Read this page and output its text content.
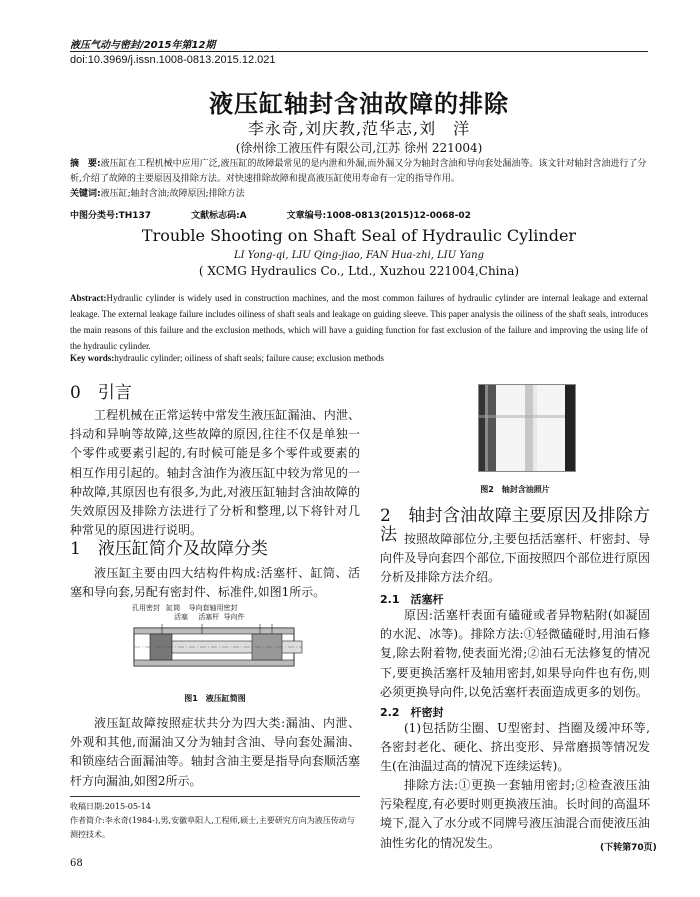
液压气动与密封/2015年第12期
doi:10.3969/j.issn.1008-0813.2015.12.021
液压缸轴封含油故障的排除
李永奇,刘庆教,范华志,刘　洋
(徐州徐工液压件有限公司,江苏 徐州 221004)
摘　要:液压缸在工程机械中应用广泛,液压缸的故障最常见的是内泄和外漏,而外漏又分为轴封含油和导向套处漏油等。该文针对轴封含油进行了分析,介绍了故障的主要原因及排除方法。对快速排除故障和提高液压缸使用寿命有一定的指导作用。
关键词:液压缸;轴封含油;故障原因;排除方法
中图分类号:TH137	文献标志码:A	文章编号:1008-0813(2015)12-0068-02
Trouble Shooting on Shaft Seal of Hydraulic Cylinder
LI Yong-qi, LIU Qing-jiao, FAN Hua-zhi, LIU Yang
( XCMG Hydraulics Co., Ltd., Xuzhou 221004,China)
Abstract:Hydraulic cylinder is widely used in construction machines, and the most common failures of hydraulic cylinder are internal leakage and external leakage. The external leakage failure includes oiliness of shaft seals and leakage on guiding sleeve. This paper analysis the oiliness of the shaft seals, introduces the main reasons of this failure and the exclusion methods, which will have a guiding function for fast exclusion of the failure and improving the using life of the hydraulic cylinder.
Key words:hydraulic cylinder; oiliness of shaft seals; failure cause; exclusion methods
0　引言

工程机械在正常运转中常发生液压缸漏油、内泄、抖动和异响等故障,这些故障的原因,往往不仅是单独一个零件或要素引起的,有时候可能是多个零件或要素的相互作用引起的。轴封含油作为液压缸中较为常见的一种故障,其原因也有很多,为此,对液压缸轴封含油故障的失效原因及排除方法进行了分析和整理,以下将针对几种常见的原因进行说明。

1　液压缸简介及故障分类

液压缸主要由四大结构件构成:活塞杆、缸筒、活塞和导向套,另配有密封件、标准件,如图1所示。

孔用密封 缸筒 导向套轴用密封
活塞 活塞杆 导向件
图1　液压缸简图

液压缸故障按照症状共分为四大类:漏油、内泄、外观和其他,而漏油又分为轴封含油、导向套处漏油、和锁座结合面漏油等。轴封含油主要是指导向套顺活塞杆方向漏油,如图2所示。

收稿日期:2015-05-14
作者简介:李永奇(1984-),男,安徽阜阳人,工程师,硕士,主要研究方向为液压传动与测控技术。
68
图2　轴封含油照片
2　轴封含油故障主要原因及排除方法 按照故障部位分,主要包括活塞杆、杆密封、导向件及导向套四个部位,下面按照四个部位进行原因分析及排除方法介绍。

2.1　活塞杆

原因:活塞杆表面有磕碰或者异物粘附(如凝固的水泥、冰等)。排除方法:①轻微磕碰时,用油石修复,除去附着物,使表面光滑;②油石无法修复的情况下,要更换活塞杆及轴用密封,如果导向件也有伤,则必须更换导向件,以免活塞杆表面造成更多的划伤。

2.2　杆密封

(1)包括防尘圈、U型密封、挡圈及缓冲环等,各密封老化、硬化、挤出变形、异常磨损等情况发生(在油温过高的情况下连续运转)。

排除方法:①更换一套轴用密封;②检查液压油污染程度,有必要时则更换液压油。长时间的高温环境下,混入了水分或不同牌号液压油混合而使液压油油性劣化的情况发生。	(下转第70页)
